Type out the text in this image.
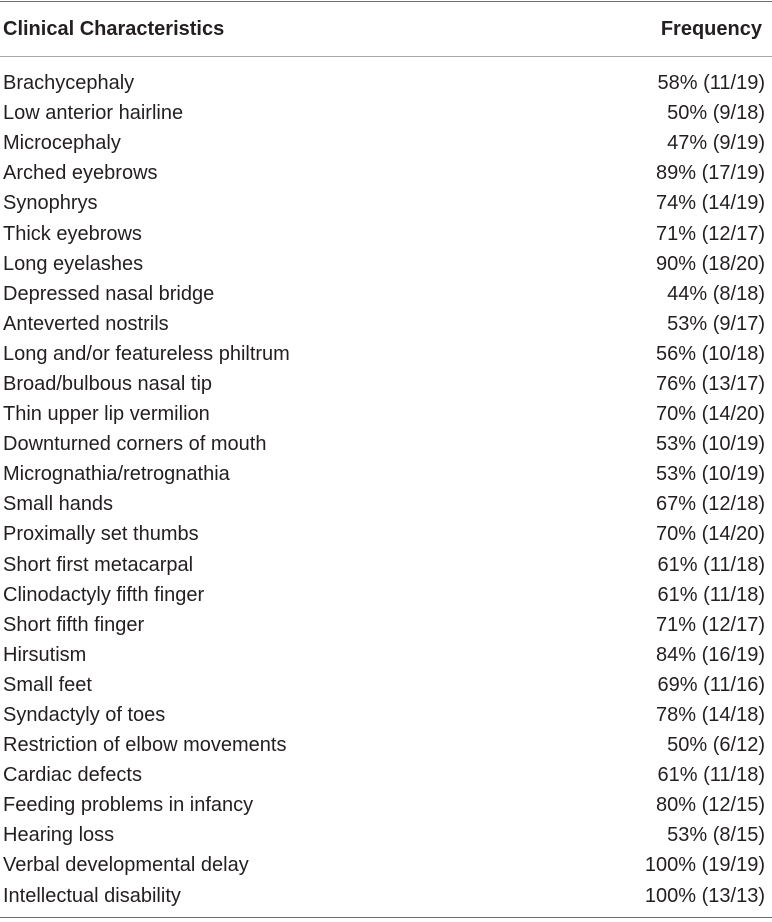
Clinical Characteristics	Frequency
Brachycephaly	58% (11/19)
Low anterior hairline	50% (9/18)
Microcephaly	47% (9/19)
Arched eyebrows	89% (17/19)
Synophrys	74% (14/19)
Thick eyebrows	71% (12/17)
Long eyelashes	90% (18/20)
Depressed nasal bridge	44% (8/18)
Anteverted nostrils	53% (9/17)
Long and/or featureless philtrum	56% (10/18)
Broad/bulbous nasal tip	76% (13/17)
Thin upper lip vermilion	70% (14/20)
Downturned corners of mouth	53% (10/19)
Micrognathia/retrognathia	53% (10/19)
Small hands	67% (12/18)
Proximally set thumbs	70% (14/20)
Short first metacarpal	61% (11/18)
Clinodactyly fifth finger	61% (11/18)
Short fifth finger	71% (12/17)
Hirsutism	84% (16/19)
Small feet	69% (11/16)
Syndactyly of toes	78% (14/18)
Restriction of elbow movements	50% (6/12)
Cardiac defects	61% (11/18)
Feeding problems in infancy	80% (12/15)
Hearing loss	53% (8/15)
Verbal developmental delay	100% (19/19)
Intellectual disability	100% (13/13)
